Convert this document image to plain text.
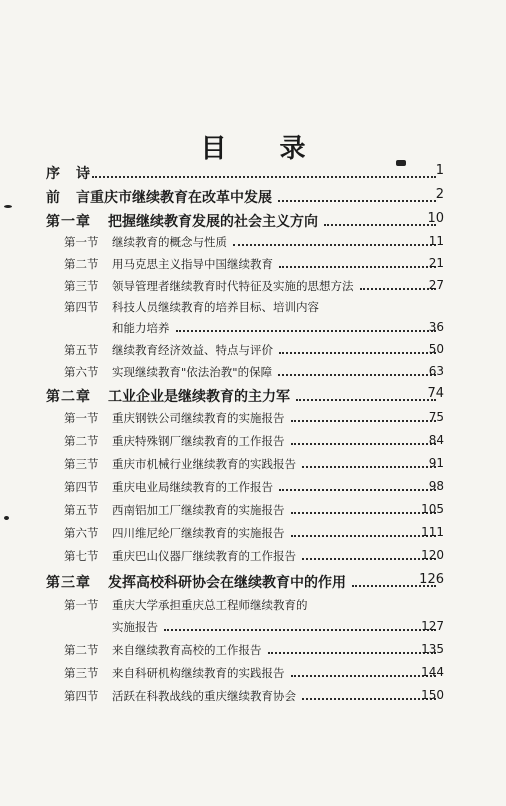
目 录
序　诗	1
前　言 重庆市继续教育在改革中发展	2
第一章	把握继续教育发展的社会主义方向	10
第一节	继续教育的概念与性质	11
第二节	用马克思主义指导中国继续教育	21
第三节	领导管理者继续教育时代特征及实施的思想方法	27
第四节	科技人员继续教育的培养目标、培训内容
和能力培养	36
第五节	继续教育经济效益、特点与评价	50
第六节	实现继续教育"依法治教"的保障	63
第二章	工业企业是继续教育的主力军	74
第一节	重庆钢铁公司继续教育的实施报告	75
第二节	重庆特殊钢厂继续教育的工作报告	84
第三节	重庆市机械行业继续教育的实践报告	91
第四节	重庆电业局继续教育的工作报告	98
第五节	西南铝加工厂继续教育的实施报告	105
第六节	四川维尼纶厂继续教育的实施报告	111
第七节	重庆巴山仪器厂继续教育的工作报告	120
第三章	发挥高校科研协会在继续教育中的作用	126
第一节	重庆大学承担重庆总工程师继续教育的
实施报告	127
第二节	来自继续教育高校的工作报告	135
第三节	来自科研机构继续教育的实践报告	144
第四节	活跃在科教战线的重庆继续教育协会	150
